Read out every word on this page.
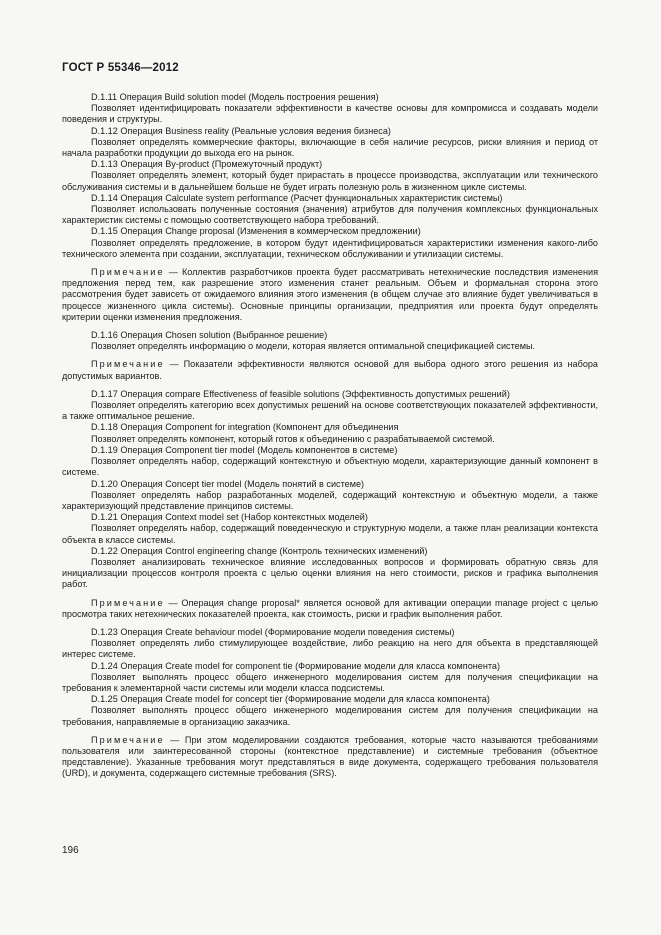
ГОСТ Р 55346—2012

D.1.11 Операция Build solution model (Модель построения решения)

Позволяет идентифицировать показатели эффективности в качестве основы для компромисса и создавать модели поведения и структуры.

D.1.12 Операция Business reality (Реальные условия ведения бизнеса)

Позволяет определять коммерческие факторы, включающие в себя наличие ресурсов, риски влияния и период от начала разработки продукции до выхода его на рынок.

D.1.13 Операция By-product (Промежуточный продукт)

Позволяет определять элемент, который будет прирастать в процессе производства, эксплуатации или технического обслуживания системы и в дальнейшем больше не будет играть полезную роль в жизненном цикле системы.

D.1.14 Операция Calculate system performance (Расчет функциональных характеристик системы)

Позволяет использовать полученные состояния (значения) атрибутов для получения комплексных функциональных характеристик системы с помощью соответствующего набора требований.

D.1.15 Операция Change proposal (Изменения в коммерческом предложении)

Позволяет определять предложение, в котором будут идентифицироваться характеристики изменения какого-либо технического элемента при создании, эксплуатации, техническом обслуживании и утилизации системы.

Примечание — Коллектив разработчиков проекта будет рассматривать нетехнические последствия изменения предложения перед тем, как разрешение этого изменения станет реальным. Объем и формальная сторона этого рассмотрения будет зависеть от ожидаемого влияния этого изменения (в общем случае это влияние будет увеличиваться в процессе жизненного цикла системы). Основные принципы организации, предприятия или проекта будут определять критерии оценки изменения предложения.

D.1.16 Операция Chosen solution (Выбранное решение)

Позволяет определять информацию о модели, которая является оптимальной спецификацией системы.

Примечание — Показатели эффективности являются основой для выбора одного этого решения из набора допустимых вариантов.

D.1.17 Операция compare Effectiveness of feasible solutions (Эффективность допустимых решений)

Позволяет определять категорию всех допустимых решений на основе соответствующих показателей эффективности, а также оптимальное решение.

D.1.18 Операция Component for integration (Компонент для объединения

Позволяет определять компонент, который готов к объединению с разрабатываемой системой.

D.1.19 Операция Component tier model (Модель компонентов в системе)

Позволяет определять набор, содержащий контекстную и объектную модели, характеризующие данный компонент в системе.

D.1.20 Операция Concept tier model (Модель понятий в системе)

Позволяет определять набор разработанных моделей, содержащий контекстную и объектную модели, а также характеризующий представление принципов системы.

D.1.21 Операция Context model set (Набор контекстных моделей)

Позволяет определять набор, содержащий поведенческую и структурную модели, а также план реализации контекста объекта в классе системы.

D.1.22 Операция Control engineering change (Контроль технических изменений)

Позволяет анализировать техническое влияние исследованных вопросов и формировать обратную связь для инициализации процессов контроля проекта с целью оценки влияния на него стоимости, рисков и графика выполнения работ.

Примечание — Операция change proposal* является основой для активации операции manage project с целью просмотра таких нетехнических показателей проекта, как стоимость, риски и график выполнения работ.

D.1.23 Операция Create behaviour model (Формирование модели поведения системы)

Позволяет определять либо стимулирующее воздействие, либо реакцию на него для объекта в представляющей интерес системе.

D.1.24 Операция Create model for component tie (Формирование модели для класса компонента)

Позволяет выполнять процесс общего инженерного моделирования систем для получения спецификации на требования к элементарной части системы или модели класса подсистемы.

D.1.25 Операция Create model for concept tier (Формирование модели для класса компонента)

Позволяет выполнять процесс общего инженерного моделирования систем для получения спецификации на требования, направляемые в организацию заказчика.

Примечание — При этом моделировании создаются требования, которые часто называются требованиями пользователя или заинтересованной стороны (контекстное представление) и системные требования (объектное представление). Указанные требования могут представляться в виде документа, содержащего требования пользователя (URD), и документа, содержащего системные требования (SRS).

196
